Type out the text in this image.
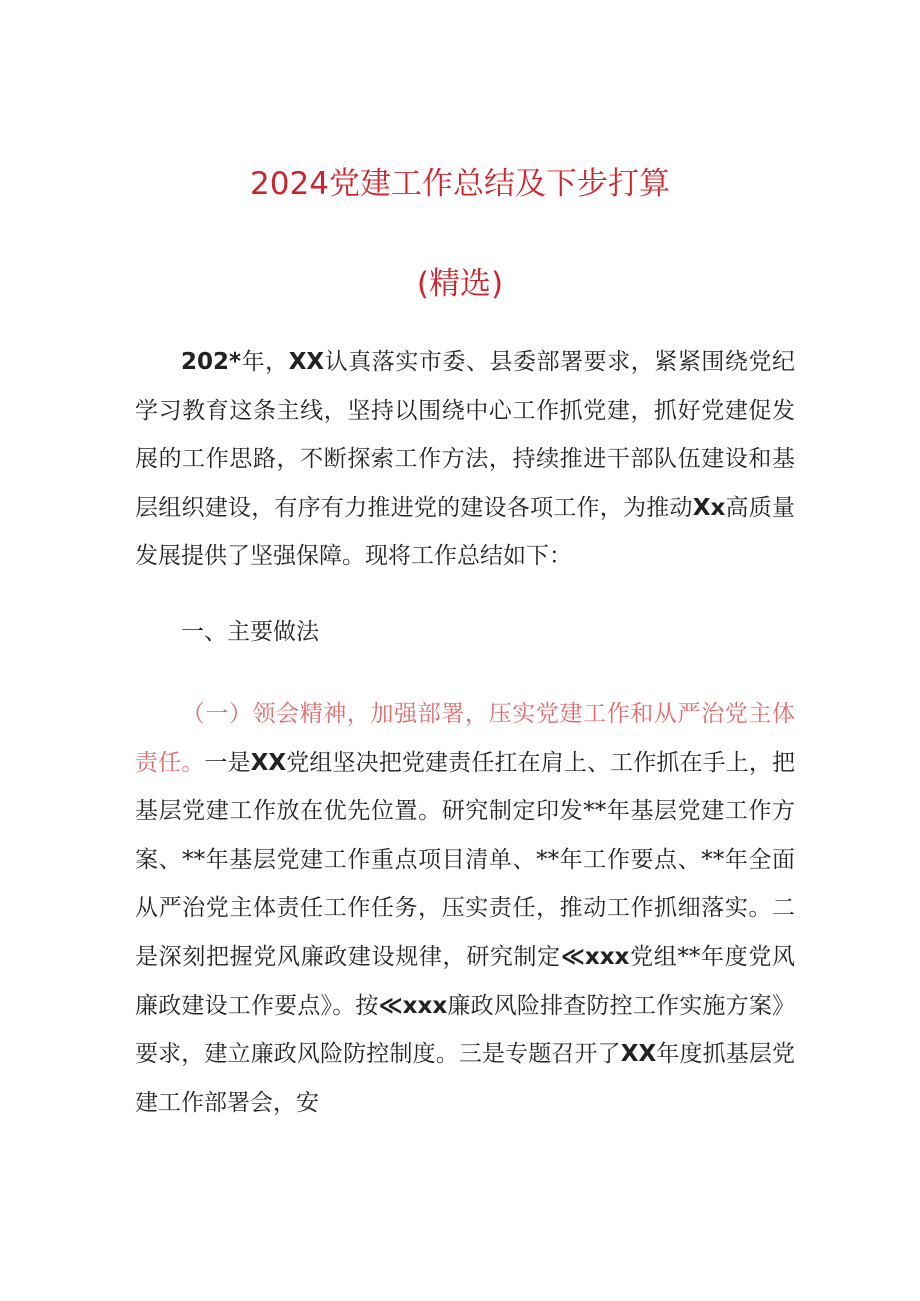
2024党建工作总结及下步打算
(精选)

202*年，XX认真落实市委、县委部署要求，紧紧围绕党纪学习教育这条主线，坚持以围绕中心工作抓党建，抓好党建促发展的工作思路，不断探索工作方法，持续推进干部队伍建设和基层组织建设，有序有力推进党的建设各项工作，为推动Xx高质量发展提供了坚强保障。现将工作总结如下：

一、主要做法

（一）领会精神，加强部署，压实党建工作和从严治党主体责任。一是XX党组坚决把党建责任扛在肩上、工作抓在手上，把基层党建工作放在优先位置。研究制定印发**年基层党建工作方案、**年基层党建工作重点项目清单、**年工作要点、**年全面从严治党主体责任工作任务，压实责任，推动工作抓细落实。二是深刻把握党风廉政建设规律，研究制定≪xxx党组**年度党风廉政建设工作要点》。按≪xxx廉政风险排查防控工作实施方案》要求，建立廉政风险防控制度。三是专题召开了XX年度抓基层党建工作部署会，安
